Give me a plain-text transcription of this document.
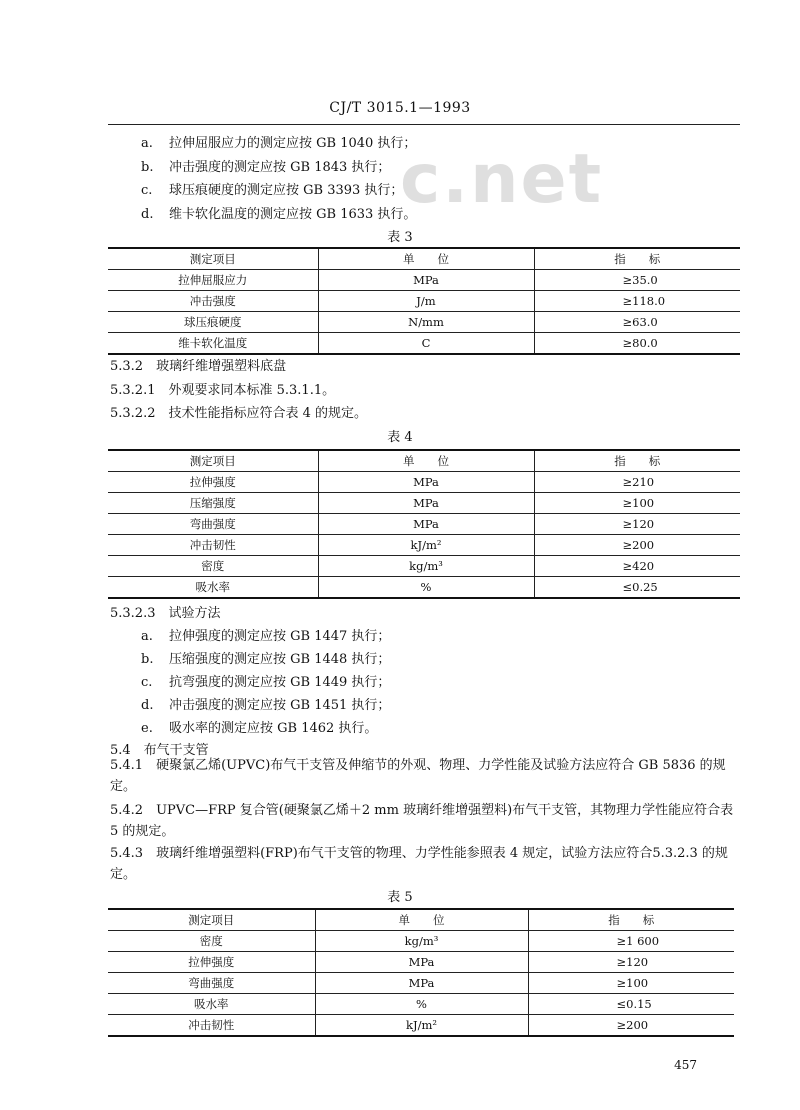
CJ/T 3015.1—1993
c.net
a. 拉伸屈服应力的测定应按 GB 1040 执行；
b. 冲击强度的测定应按 GB 1843 执行；
c. 球压痕硬度的测定应按 GB 3393 执行；
d. 维卡软化温度的测定应按 GB 1633 执行。
表 3
测定项目	单　　位	指　　标
拉伸屈服应力	MPa	≥35.0
冲击强度	J/m	≥118.0
球压痕硬度	N/mm	≥63.0
维卡软化温度	C	≥80.0
5.3.2　玻璃纤维增强塑料底盘
5.3.2.1　外观要求同本标准 5.3.1.1。
5.3.2.2　技术性能指标应符合表 4 的规定。
表 4
测定项目	单　　位	指　　标
拉伸强度	MPa	≥210
压缩强度	MPa	≥100
弯曲强度	MPa	≥120
冲击韧性	kJ/m²	≥200
密度	kg/m³	≥420
吸水率	%	≤0.25
5.3.2.3　试验方法
a. 拉伸强度的测定应按 GB 1447 执行；
b. 压缩强度的测定应按 GB 1448 执行；
c. 抗弯强度的测定应按 GB 1449 执行；
d. 冲击强度的测定应按 GB 1451 执行；
e. 吸水率的测定应按 GB 1462 执行。
5.4　布气干支管
5.4.1　硬聚氯乙烯(UPVC)布气干支管及伸缩节的外观、物理、力学性能及试验方法应符合 GB 5836 的规定。
5.4.2　UPVC—FRP 复合管(硬聚氯乙烯＋2 mm 玻璃纤维增强塑料)布气干支管，其物理力学性能应符合表 5 的规定。
5.4.3　玻璃纤维增强塑料(FRP)布气干支管的物理、力学性能参照表 4 规定，试验方法应符合5.3.2.3 的规定。
表 5
测定项目	单　　位	指　　标
密度	kg/m³	≥1 600
拉伸强度	MPa	≥120
弯曲强度	MPa	≥100
吸水率	%	≤0.15
冲击韧性	kJ/m²	≥200
457
